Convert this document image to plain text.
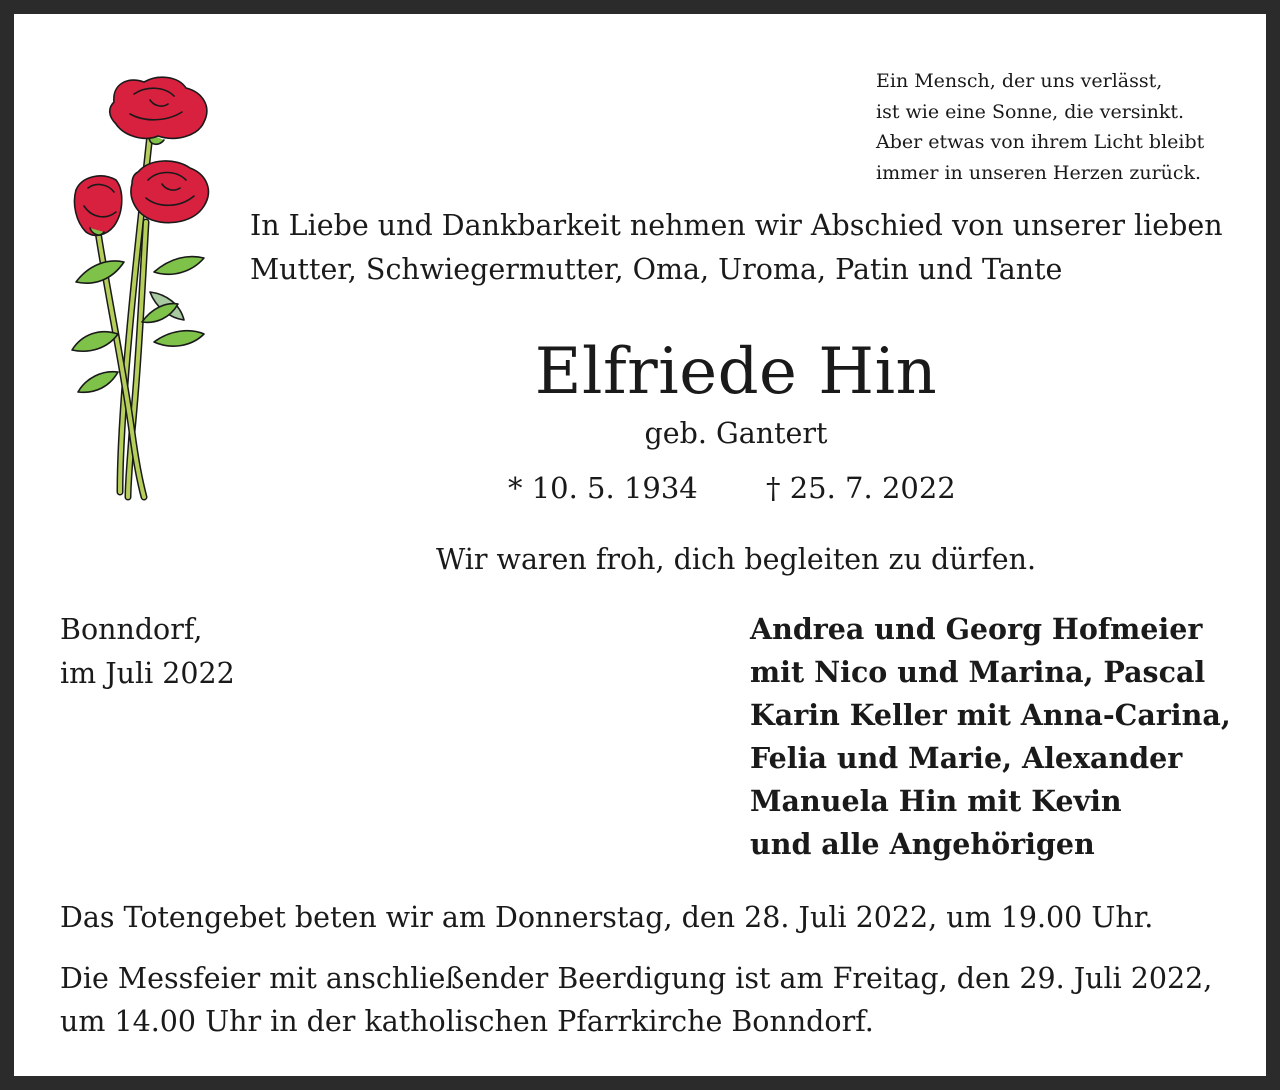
Ein Mensch, der uns verlässt,
ist wie eine Sonne, die versinkt.
Aber etwas von ihrem Licht bleibt
immer in unseren Herzen zurück.
In Liebe und Dankbarkeit nehmen wir Abschied von unserer lieben
Mutter, Schwiegermutter, Oma, Uroma, Patin und Tante
Elfriede Hin
geb. Gantert
* 10. 5. 1934 † 25. 7. 2022
Wir waren froh, dich begleiten zu dürfen.
Bonndorf,
im Juli 2022
Andrea und Georg Hofmeier
mit Nico und Marina, Pascal
Karin Keller mit Anna-Carina,
Felia und Marie, Alexander
Manuela Hin mit Kevin
und alle Angehörigen
Das Totengebet beten wir am Donnerstag, den 28. Juli 2022, um 19.00 Uhr.
Die Messfeier mit anschließender Beerdigung ist am Freitag, den 29. Juli 2022,
um 14.00 Uhr in der katholischen Pfarrkirche Bonndorf.
